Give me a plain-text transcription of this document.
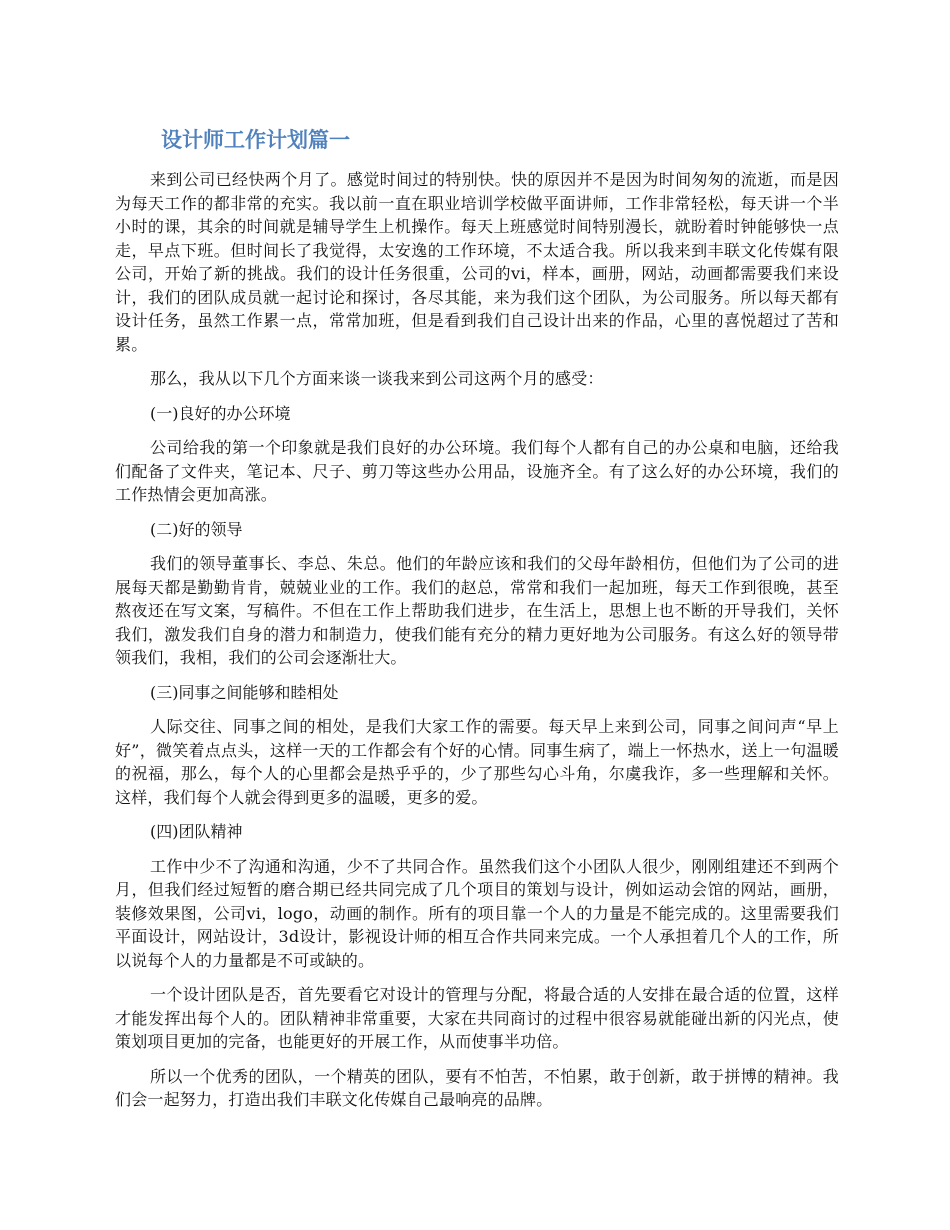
设计师工作计划篇一

来到公司已经快两个月了。感觉时间过的特别快。快的原因并不是因为时间匆匆的流逝，而是因为每天工作的都非常的充实。我以前一直在职业培训学校做平面讲师，工作非常轻松，每天讲一个半小时的课，其余的时间就是辅导学生上机操作。每天上班感觉时间特别漫长，就盼着时钟能够快一点走，早点下班。但时间长了我觉得，太安逸的工作环境，不太适合我。所以我来到丰联文化传媒有限公司，开始了新的挑战。我们的设计任务很重，公司的vi，样本，画册，网站，动画都需要我们来设计，我们的团队成员就一起讨论和探讨，各尽其能，来为我们这个团队，为公司服务。所以每天都有设计任务，虽然工作累一点，常常加班，但是看到我们自己设计出来的作品，心里的喜悦超过了苦和累。

那么，我从以下几个方面来谈一谈我来到公司这两个月的感受：

(一)良好的办公环境

公司给我的第一个印象就是我们良好的办公环境。我们每个人都有自己的办公桌和电脑，还给我们配备了文件夹，笔记本、尺子、剪刀等这些办公用品，设施齐全。有了这么好的办公环境，我们的工作热情会更加高涨。

(二)好的领导

我们的领导董事长、李总、朱总。他们的年龄应该和我们的父母年龄相仿，但他们为了公司的进展每天都是勤勤肯肯，兢兢业业的工作。我们的赵总，常常和我们一起加班，每天工作到很晚，甚至熬夜还在写文案，写稿件。不但在工作上帮助我们进步，在生活上，思想上也不断的开导我们，关怀我们，激发我们自身的潜力和制造力，使我们能有充分的精力更好地为公司服务。有这么好的领导带领我们，我相，我们的公司会逐渐壮大。

(三)同事之间能够和睦相处

人际交往、同事之间的相处，是我们大家工作的需要。每天早上来到公司，同事之间问声“早上好”，微笑着点点头，这样一天的工作都会有个好的心情。同事生病了，端上一怀热水，送上一句温暖的祝福，那么，每个人的心里都会是热乎乎的，少了那些勾心斗角，尔虞我诈，多一些理解和关怀。这样，我们每个人就会得到更多的温暖，更多的爱。

(四)团队精神

工作中少不了沟通和沟通，少不了共同合作。虽然我们这个小团队人很少，刚刚组建还不到两个月，但我们经过短暂的磨合期已经共同完成了几个项目的策划与设计，例如运动会馆的网站，画册，装修效果图，公司vi，logo，动画的制作。所有的项目靠一个人的力量是不能完成的。这里需要我们平面设计，网站设计，3d设计，影视设计师的相互合作共同来完成。一个人承担着几个人的工作，所以说每个人的力量都是不可或缺的。

一个设计团队是否，首先要看它对设计的管理与分配，将最合适的人安排在最合适的位置，这样才能发挥出每个人的。团队精神非常重要，大家在共同商讨的过程中很容易就能碰出新的闪光点，使策划项目更加的完备，也能更好的开展工作，从而使事半功倍。

所以一个优秀的团队，一个精英的团队，要有不怕苦，不怕累，敢于创新，敢于拼博的精神。我们会一起努力，打造出我们丰联文化传媒自己最响亮的品牌。
